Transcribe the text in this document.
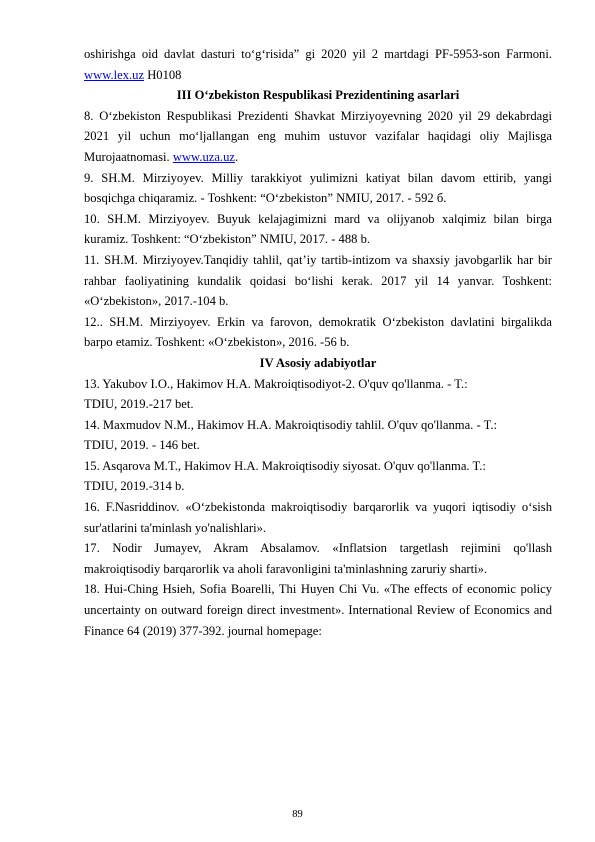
oshirishga oid davlat dasturi to‘g‘risida” gi 2020 yil 2 martdagi PF-5953-son Farmoni. www.lex.uz H0108

III O‘zbekiston Respublikasi Prezidentining asarlari

8. O‘zbekiston Respublikasi Prezidenti Shavkat Mirziyoyevning 2020 yil 29 dekabrdagi 2021 yil uchun mo‘ljallangan eng muhim ustuvor vazifalar haqidagi oliy Majlisga Murojaatnomasi. www.uza.uz.

9. SH.M. Mirziyoyev. Milliy tarakkiyot yulimizni katiyat bilan davom ettirib, yangi bosqichga chiqaramiz. - Toshkent: “O‘zbekiston” NMIU, 2017. - 592 б.

10. SH.M. Mirziyoyev. Buyuk kelajagimizni mard va olijyanob xalqimiz bilan birga kuramiz. Toshkent: “O‘zbekiston” NMIU, 2017. - 488 b.

11. SH.M. Mirziyoyev.Tanqidiy tahlil, qat’iy tartib-intizom va shaxsiy javobgarlik har bir rahbar faoliyatining kundalik qoidasi bo‘lishi kerak. 2017 yil 14 yanvar. Toshkent: «O‘zbekiston», 2017.-104 b.

12.. SH.M. Mirziyoyev. Erkin va farovon, demokratik O‘zbekiston davlatini birgalikda barpo etamiz. Toshkent: «O‘zbekiston», 2016. -56 b.

IV Asosiy adabiyotlar

13. Yakubov I.O., Hakimov H.A. Makroiqtisodiyot-2. O'quv qo'llanma. - T.:

TDIU, 2019.-217 bet.

14. Maxmudov N.M., Hakimov H.A. Makroiqtisodiy tahlil. O'quv qo'llanma. - T.:

TDIU, 2019. - 146 bet.

15. Asqarova M.T., Hakimov H.A. Makroiqtisodiy siyosat. O'quv qo'llanma. T.:

TDIU, 2019.-314 b.

16. F.Nasriddinov. «O‘zbekistonda makroiqtisodiy barqarorlik va yuqori iqtisodiy o‘sish sur'atlarini ta'minlash yo'nalishlari».

17. Nodir Jumayev, Akram Absalamov. «Inflatsion targetlash rejimini qo'llash makroiqtisodiy barqarorlik va aholi faravonligini ta'minlashning zaruriy sharti».

18. Hui-Ching Hsieh, Sofia Boarelli, Thi Huyen Chi Vu. «The effects of economic policy uncertainty on outward foreign direct investment». International Review of Economics and Finance 64 (2019) 377-392. journal homepage:

89
